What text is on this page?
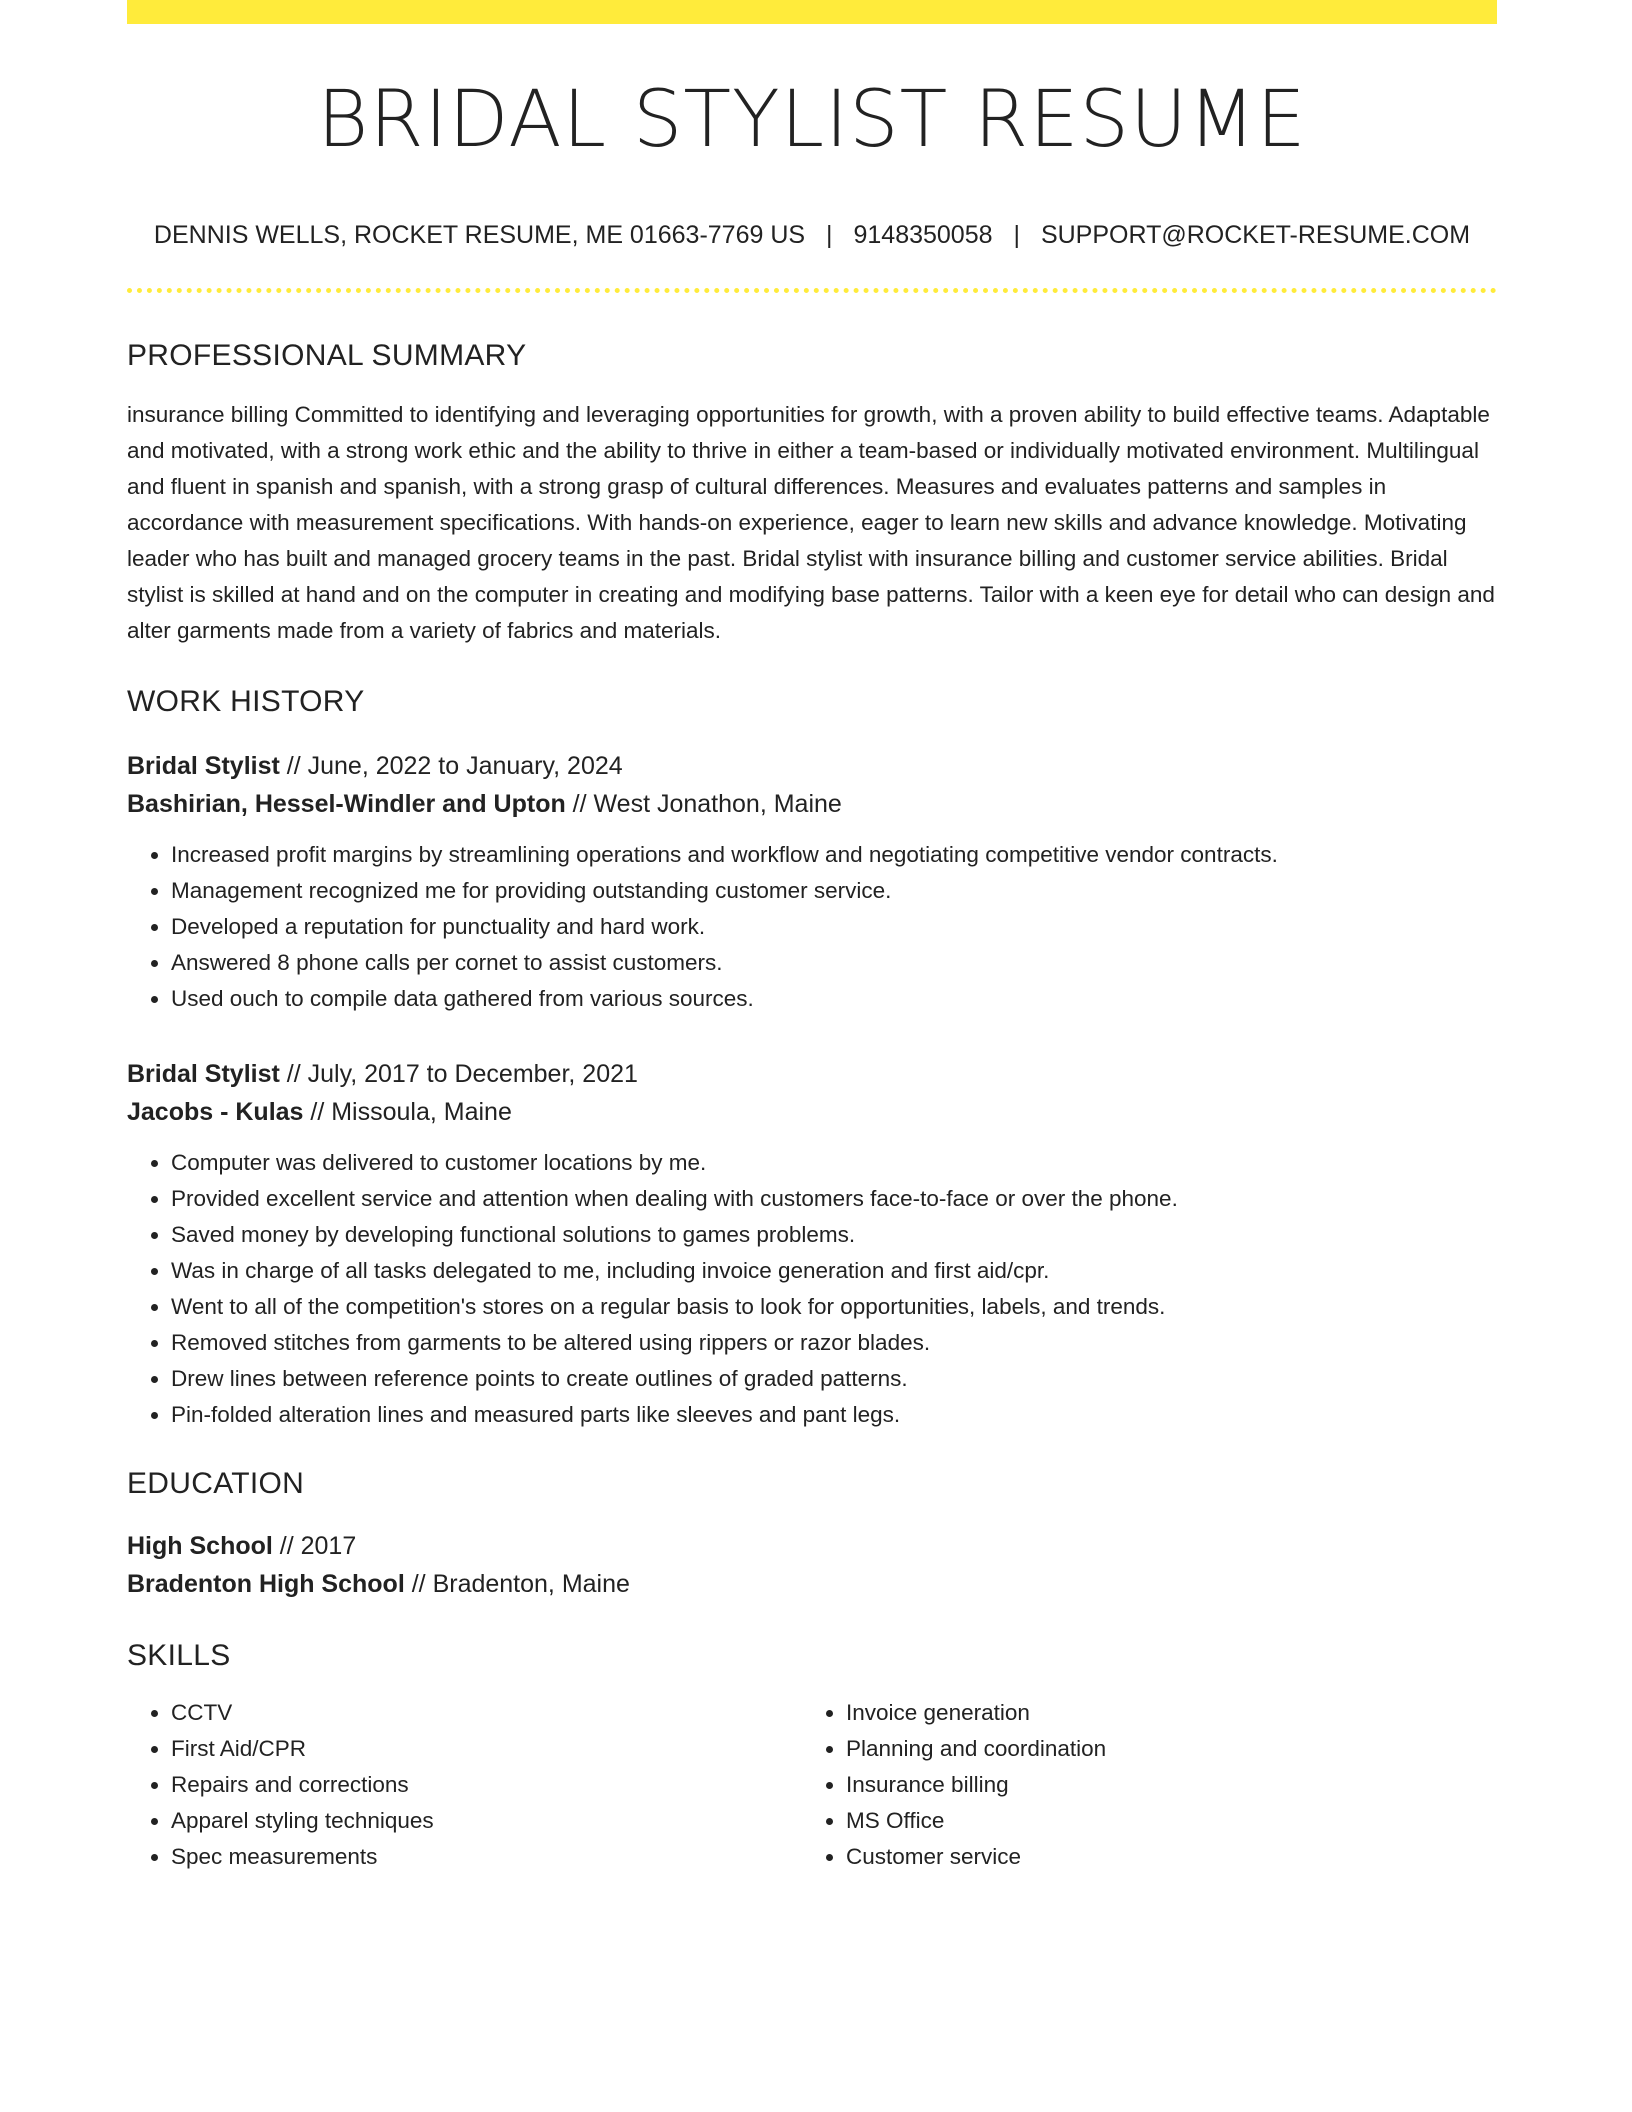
BRIDAL STYLIST RESUME
DENNIS WELLS, ROCKET RESUME, ME 01663-7769 US | 9148350058 | SUPPORT@ROCKET-RESUME.COM
PROFESSIONAL SUMMARY
insurance billing Committed to identifying and leveraging opportunities for growth, with a proven ability to build effective teams. Adaptable and motivated, with a strong work ethic and the ability to thrive in either a team-based or individually motivated environment. Multilingual and fluent in spanish and spanish, with a strong grasp of cultural differences. Measures and evaluates patterns and samples in accordance with measurement specifications. With hands-on experience, eager to learn new skills and advance knowledge. Motivating leader who has built and managed grocery teams in the past. Bridal stylist with insurance billing and customer service abilities. Bridal stylist is skilled at hand and on the computer in creating and modifying base patterns. Tailor with a keen eye for detail who can design and alter garments made from a variety of fabrics and materials.
WORK HISTORY
Bridal Stylist // June, 2022 to January, 2024
Bashirian, Hessel-Windler and Upton // West Jonathon, Maine
• Increased profit margins by streamlining operations and workflow and negotiating competitive vendor contracts.
• Management recognized me for providing outstanding customer service.
• Developed a reputation for punctuality and hard work.
• Answered 8 phone calls per cornet to assist customers.
• Used ouch to compile data gathered from various sources.
Bridal Stylist // July, 2017 to December, 2021
Jacobs - Kulas // Missoula, Maine
• Computer was delivered to customer locations by me.
• Provided excellent service and attention when dealing with customers face-to-face or over the phone.
• Saved money by developing functional solutions to games problems.
• Was in charge of all tasks delegated to me, including invoice generation and first aid/cpr.
• Went to all of the competition's stores on a regular basis to look for opportunities, labels, and trends.
• Removed stitches from garments to be altered using rippers or razor blades.
• Drew lines between reference points to create outlines of graded patterns.
• Pin-folded alteration lines and measured parts like sleeves and pant legs.
EDUCATION
High School // 2017
Bradenton High School // Bradenton, Maine
SKILLS
• CCTV
• First Aid/CPR
• Repairs and corrections
• Apparel styling techniques
• Spec measurements
• Invoice generation
• Planning and coordination
• Insurance billing
• MS Office
• Customer service
